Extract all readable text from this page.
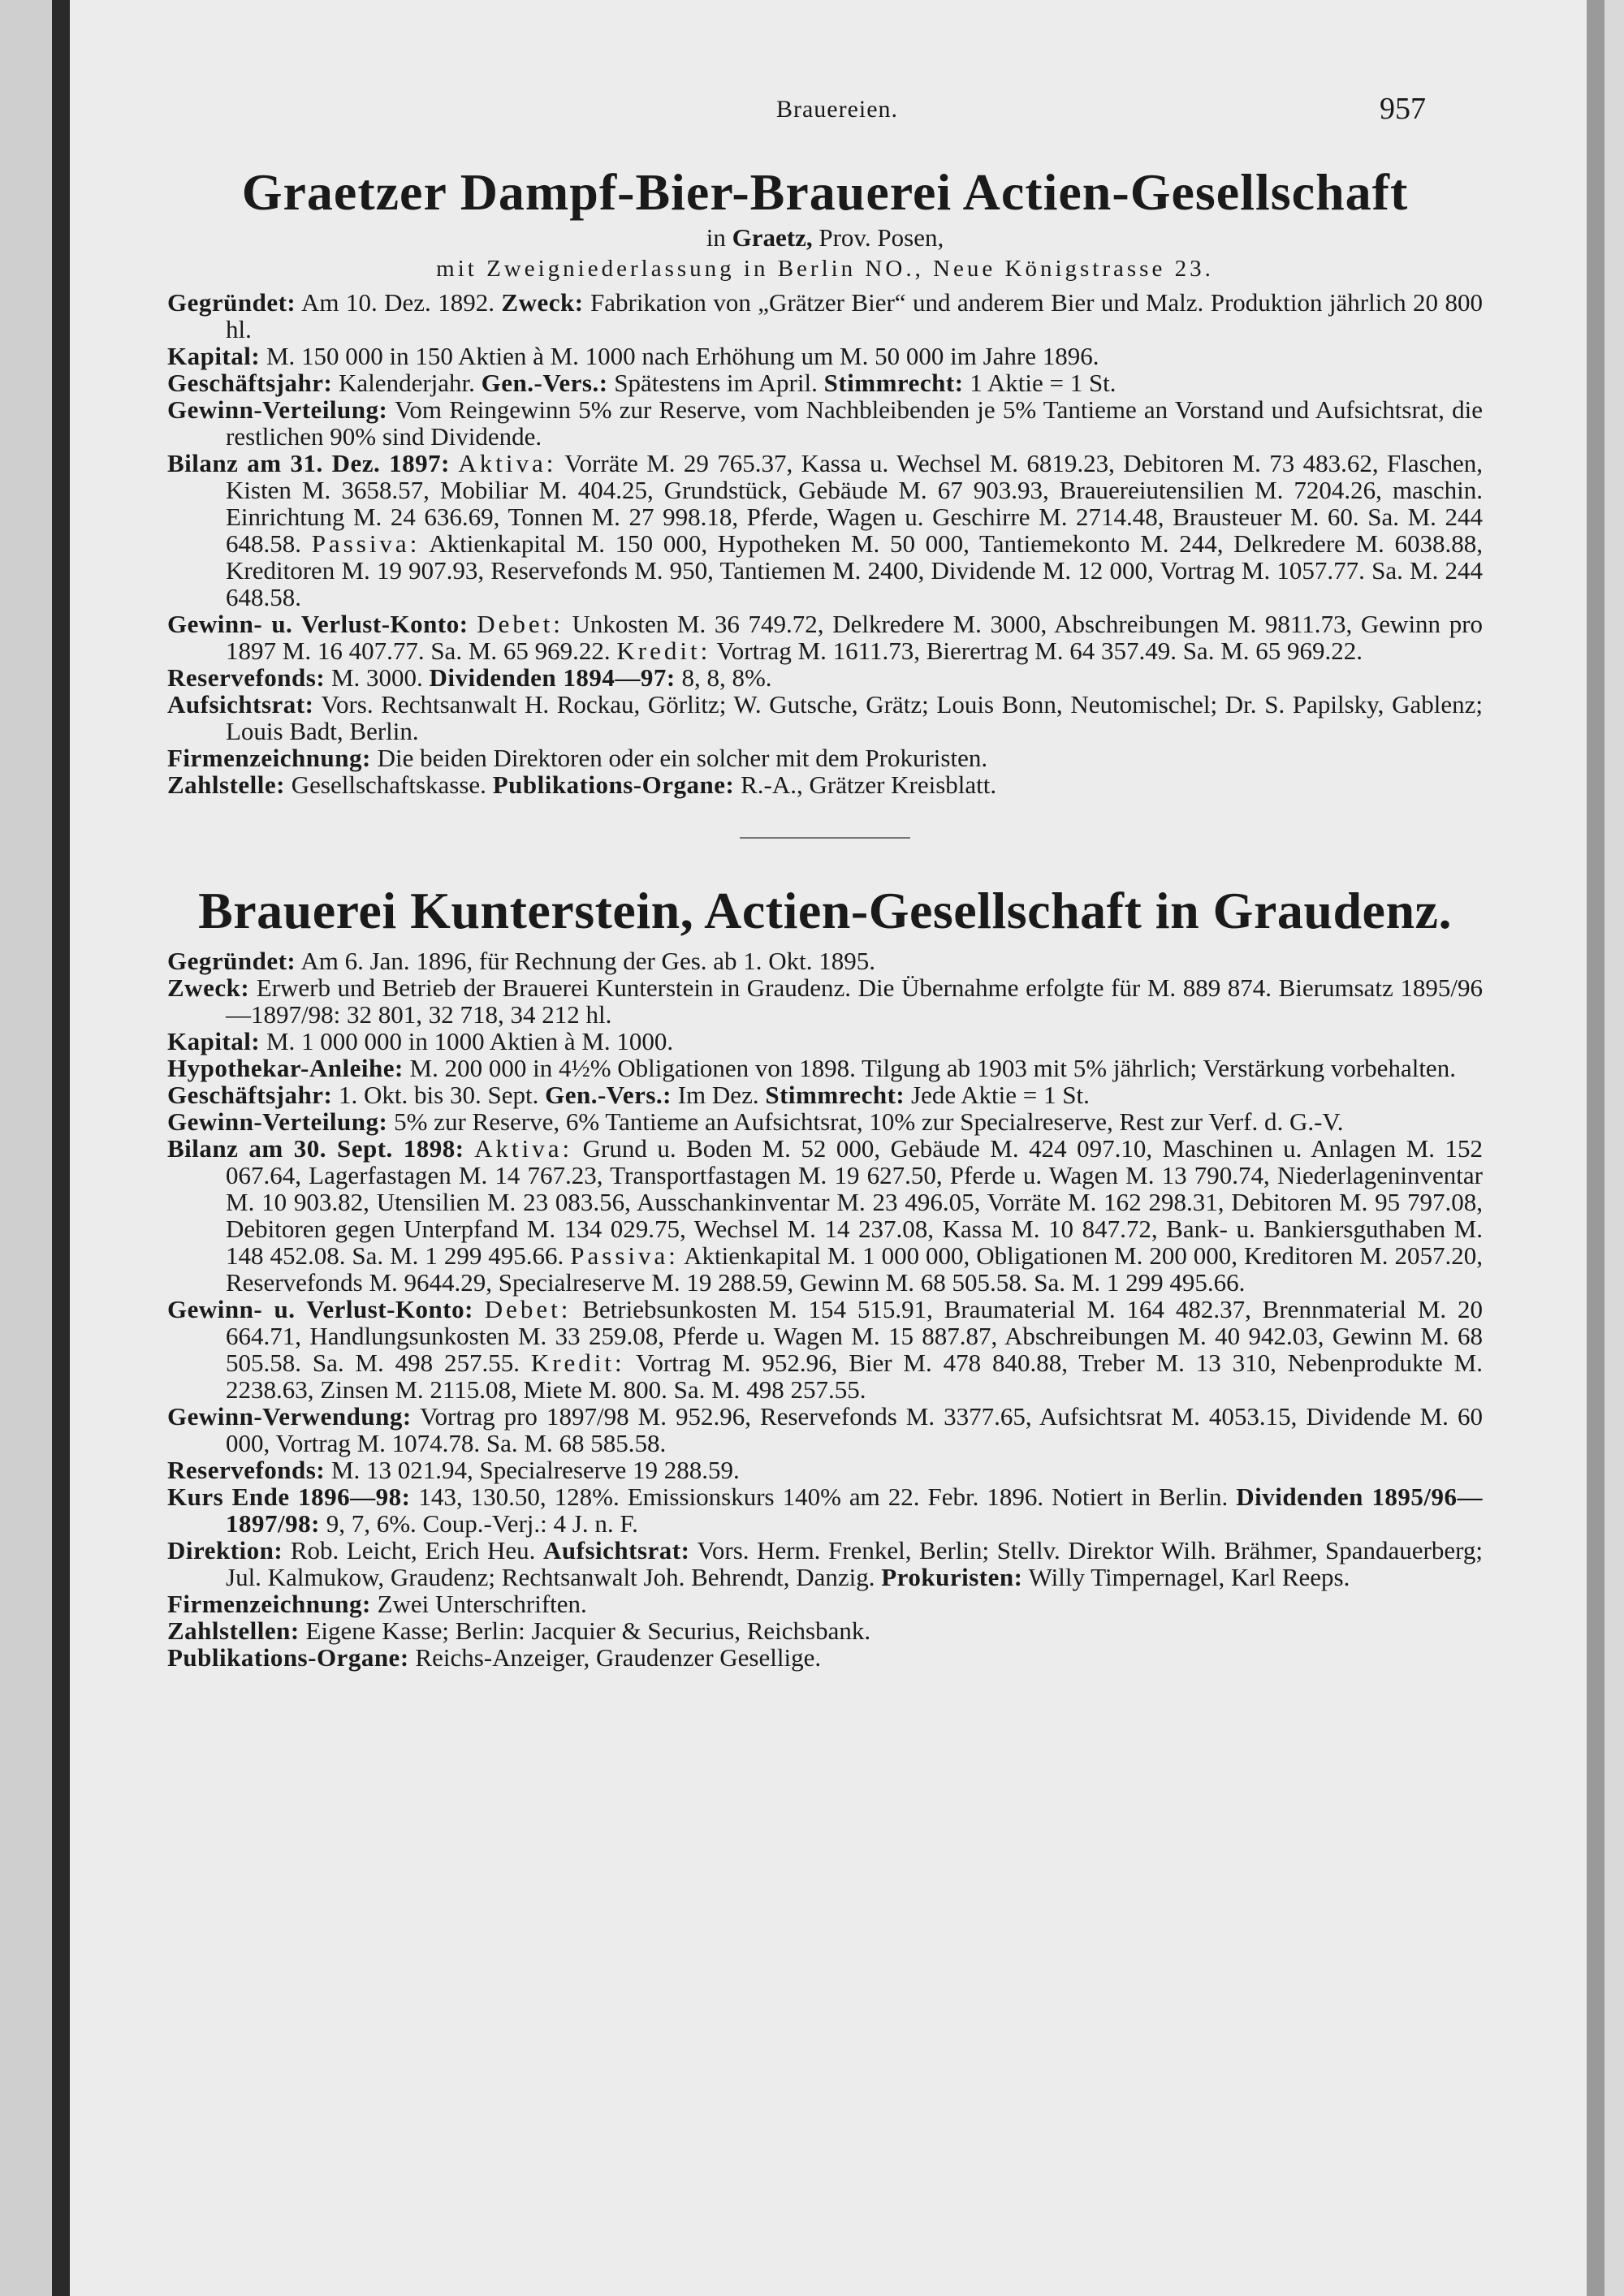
Brauereien.	957
Graetzer Dampf-Bier-Brauerei Actien-Gesellschaft
in Graetz, Prov. Posen,
mit Zweigniederlassung in Berlin NO., Neue Königstrasse 23.

Gegründet: Am 10. Dez. 1892. Zweck: Fabrikation von „Grätzer Bier“ und anderem Bier und Malz. Produktion jährlich 20 800 hl.

Kapital: M. 150 000 in 150 Aktien à M. 1000 nach Erhöhung um M. 50 000 im Jahre 1896.

Geschäftsjahr: Kalenderjahr. Gen.-Vers.: Spätestens im April. Stimmrecht: 1 Aktie = 1 St.

Gewinn-Verteilung: Vom Reingewinn 5% zur Reserve, vom Nachbleibenden je 5% Tantieme an Vorstand und Aufsichtsrat, die restlichen 90% sind Dividende.

Bilanz am 31. Dez. 1897: Aktiva: Vorräte M. 29 765.37, Kassa u. Wechsel M. 6819.23, Debitoren M. 73 483.62, Flaschen, Kisten M. 3658.57, Mobiliar M. 404.25, Grundstück, Gebäude M. 67 903.93, Brauereiutensilien M. 7204.26, maschin. Einrichtung M. 24 636.69, Tonnen M. 27 998.18, Pferde, Wagen u. Geschirre M. 2714.48, Brausteuer M. 60. Sa. M. 244 648.58. Passiva: Aktienkapital M. 150 000, Hypotheken M. 50 000, Tantiemekonto M. 244, Delkredere M. 6038.88, Kreditoren M. 19 907.93, Reservefonds M. 950, Tantiemen M. 2400, Dividende M. 12 000, Vortrag M. 1057.77. Sa. M. 244 648.58.

Gewinn- u. Verlust-Konto: Debet: Unkosten M. 36 749.72, Delkredere M. 3000, Abschreibungen M. 9811.73, Gewinn pro 1897 M. 16 407.77. Sa. M. 65 969.22. Kredit: Vortrag M. 1611.73, Bierertrag M. 64 357.49. Sa. M. 65 969.22.

Reservefonds: M. 3000. Dividenden 1894—97: 8, 8, 8%.

Aufsichtsrat: Vors. Rechtsanwalt H. Rockau, Görlitz; W. Gutsche, Grätz; Louis Bonn, Neutomischel; Dr. S. Papilsky, Gablenz; Louis Badt, Berlin.

Firmenzeichnung: Die beiden Direktoren oder ein solcher mit dem Prokuristen.

Zahlstelle: Gesellschaftskasse. Publikations-Organe: R.-A., Grätzer Kreisblatt.

Brauerei Kunterstein, Actien-Gesellschaft in Graudenz.

Gegründet: Am 6. Jan. 1896, für Rechnung der Ges. ab 1. Okt. 1895.

Zweck: Erwerb und Betrieb der Brauerei Kunterstein in Graudenz. Die Übernahme erfolgte für M. 889 874. Bierumsatz 1895/96—1897/98: 32 801, 32 718, 34 212 hl.

Kapital: M. 1 000 000 in 1000 Aktien à M. 1000.

Hypothekar-Anleihe: M. 200 000 in 4½% Obligationen von 1898. Tilgung ab 1903 mit 5% jährlich; Verstärkung vorbehalten.

Geschäftsjahr: 1. Okt. bis 30. Sept. Gen.-Vers.: Im Dez. Stimmrecht: Jede Aktie = 1 St.

Gewinn-Verteilung: 5% zur Reserve, 6% Tantieme an Aufsichtsrat, 10% zur Specialreserve, Rest zur Verf. d. G.-V.

Bilanz am 30. Sept. 1898: Aktiva: Grund u. Boden M. 52 000, Gebäude M. 424 097.10, Maschinen u. Anlagen M. 152 067.64, Lagerfastagen M. 14 767.23, Transportfastagen M. 19 627.50, Pferde u. Wagen M. 13 790.74, Niederlageninventar M. 10 903.82, Utensilien M. 23 083.56, Ausschankinventar M. 23 496.05, Vorräte M. 162 298.31, Debitoren M. 95 797.08, Debitoren gegen Unterpfand M. 134 029.75, Wechsel M. 14 237.08, Kassa M. 10 847.72, Bank- u. Bankiersguthaben M. 148 452.08. Sa. M. 1 299 495.66. Passiva: Aktienkapital M. 1 000 000, Obligationen M. 200 000, Kreditoren M. 2057.20, Reservefonds M. 9644.29, Specialreserve M. 19 288.59, Gewinn M. 68 505.58. Sa. M. 1 299 495.66.

Gewinn- u. Verlust-Konto: Debet: Betriebsunkosten M. 154 515.91, Braumaterial M. 164 482.37, Brennmaterial M. 20 664.71, Handlungsunkosten M. 33 259.08, Pferde u. Wagen M. 15 887.87, Abschreibungen M. 40 942.03, Gewinn M. 68 505.58. Sa. M. 498 257.55. Kredit: Vortrag M. 952.96, Bier M. 478 840.88, Treber M. 13 310, Nebenprodukte M. 2238.63, Zinsen M. 2115.08, Miete M. 800. Sa. M. 498 257.55.

Gewinn-Verwendung: Vortrag pro 1897/98 M. 952.96, Reservefonds M. 3377.65, Aufsichtsrat M. 4053.15, Dividende M. 60 000, Vortrag M. 1074.78. Sa. M. 68 585.58.

Reservefonds: M. 13 021.94, Specialreserve 19 288.59.

Kurs Ende 1896—98: 143, 130.50, 128%. Emissionskurs 140% am 22. Febr. 1896. Notiert in Berlin. Dividenden 1895/96—1897/98: 9, 7, 6%. Coup.-Verj.: 4 J. n. F.

Direktion: Rob. Leicht, Erich Heu. Aufsichtsrat: Vors. Herm. Frenkel, Berlin; Stellv. Direktor Wilh. Brähmer, Spandauerberg; Jul. Kalmukow, Graudenz; Rechtsanwalt Joh. Behrendt, Danzig. Prokuristen: Willy Timpernagel, Karl Reeps.

Firmenzeichnung: Zwei Unterschriften.

Zahlstellen: Eigene Kasse; Berlin: Jacquier & Securius, Reichsbank.

Publikations-Organe: Reichs-Anzeiger, Graudenzer Gesellige.
